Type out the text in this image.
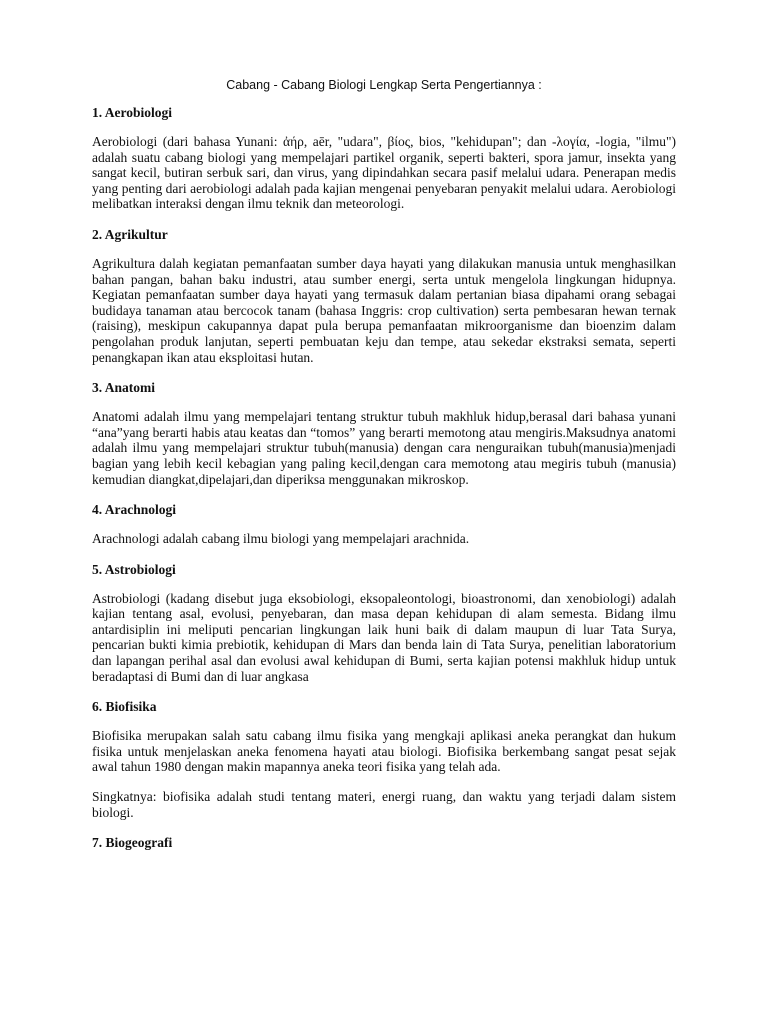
Cabang - Cabang Biologi Lengkap Serta Pengertiannya :
1. Aerobiologi

Aerobiologi (dari bahasa Yunani: ἀήρ, aēr, "udara", βίος, bios, "kehidupan"; dan -λογία, -logia, "ilmu") adalah suatu cabang biologi yang mempelajari partikel organik, seperti bakteri, spora jamur, insekta yang sangat kecil, butiran serbuk sari, dan virus, yang dipindahkan secara pasif melalui udara. Penerapan medis yang penting dari aerobiologi adalah pada kajian mengenai penyebaran penyakit melalui udara. Aerobiologi melibatkan interaksi dengan ilmu teknik dan meteorologi.

2. Agrikultur

Agrikultura dalah kegiatan pemanfaatan sumber daya hayati yang dilakukan manusia untuk menghasilkan bahan pangan, bahan baku industri, atau sumber energi, serta untuk mengelola lingkungan hidupnya. Kegiatan pemanfaatan sumber daya hayati yang termasuk dalam pertanian biasa dipahami orang sebagai budidaya tanaman atau bercocok tanam (bahasa Inggris: crop cultivation) serta pembesaran hewan ternak (raising), meskipun cakupannya dapat pula berupa pemanfaatan mikroorganisme dan bioenzim dalam pengolahan produk lanjutan, seperti pembuatan keju dan tempe, atau sekedar ekstraksi semata, seperti penangkapan ikan atau eksploitasi hutan.

3. Anatomi

Anatomi adalah ilmu yang mempelajari tentang struktur tubuh makhluk hidup,berasal dari bahasa yunani “ana”yang berarti habis atau keatas dan “tomos” yang berarti memotong atau mengiris.Maksudnya anatomi adalah ilmu yang mempelajari struktur tubuh(manusia) dengan cara nenguraikan tubuh(manusia)menjadi bagian yang lebih kecil kebagian yang paling kecil,dengan cara memotong atau megiris tubuh (manusia) kemudian diangkat,dipelajari,dan diperiksa menggunakan mikroskop.

4. Arachnologi

Arachnologi adalah cabang ilmu biologi yang mempelajari arachnida.

5. Astrobiologi

Astrobiologi (kadang disebut juga eksobiologi, eksopaleontologi, bioastronomi, dan xenobiologi) adalah kajian tentang asal, evolusi, penyebaran, dan masa depan kehidupan di alam semesta. Bidang ilmu antardisiplin ini meliputi pencarian lingkungan laik huni baik di dalam maupun di luar Tata Surya, pencarian bukti kimia prebiotik, kehidupan di Mars dan benda lain di Tata Surya, penelitian laboratorium dan lapangan perihal asal dan evolusi awal kehidupan di Bumi, serta kajian potensi makhluk hidup untuk beradaptasi di Bumi dan di luar angkasa

6. Biofisika

Biofisika merupakan salah satu cabang ilmu fisika yang mengkaji aplikasi aneka perangkat dan hukum fisika untuk menjelaskan aneka fenomena hayati atau biologi. Biofisika berkembang sangat pesat sejak awal tahun 1980 dengan makin mapannya aneka teori fisika yang telah ada.

Singkatnya: biofisika adalah studi tentang materi, energi ruang, dan waktu yang terjadi dalam sistem biologi.

7. Biogeografi
